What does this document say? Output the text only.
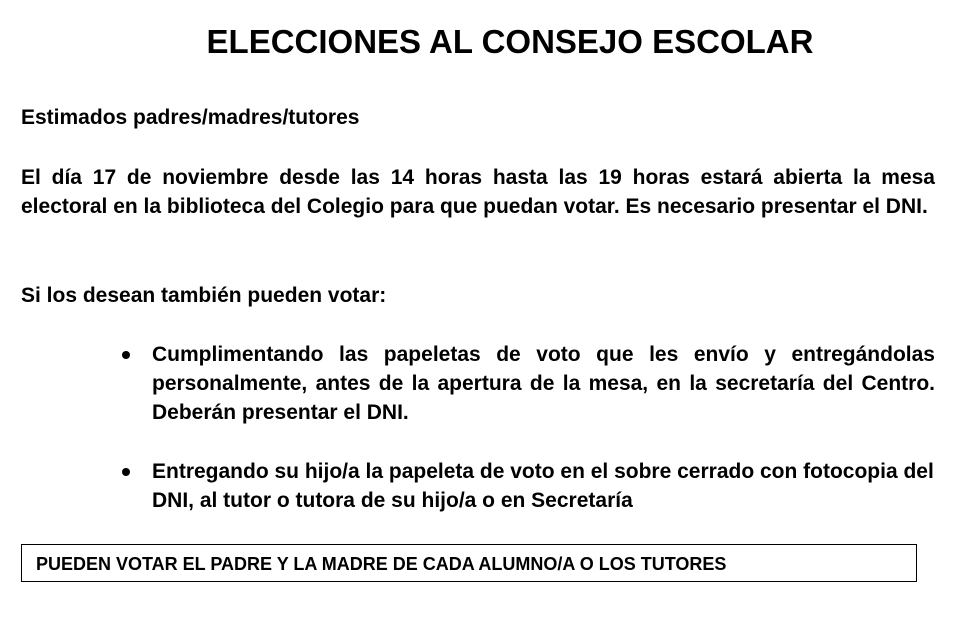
ELECCIONES AL CONSEJO ESCOLAR

Estimados padres/madres/tutores

El día 17 de noviembre desde las 14 horas hasta las 19 horas estará abierta la mesa electoral en la biblioteca del Colegio para que puedan votar. Es necesario presentar el DNI.

Si los desean también pueden votar:

Cumplimentando las papeletas de voto que les envío y entregándolas personalmente, antes de la apertura de la mesa, en la secretaría del Centro. Deberán presentar el DNI.

Entregando su hijo/a la papeleta de voto en el sobre cerrado con fotocopia del DNI, al tutor o tutora de su hijo/a o en Secretaría

PUEDEN VOTAR EL PADRE Y LA MADRE DE CADA ALUMNO/A O LOS TUTORES
